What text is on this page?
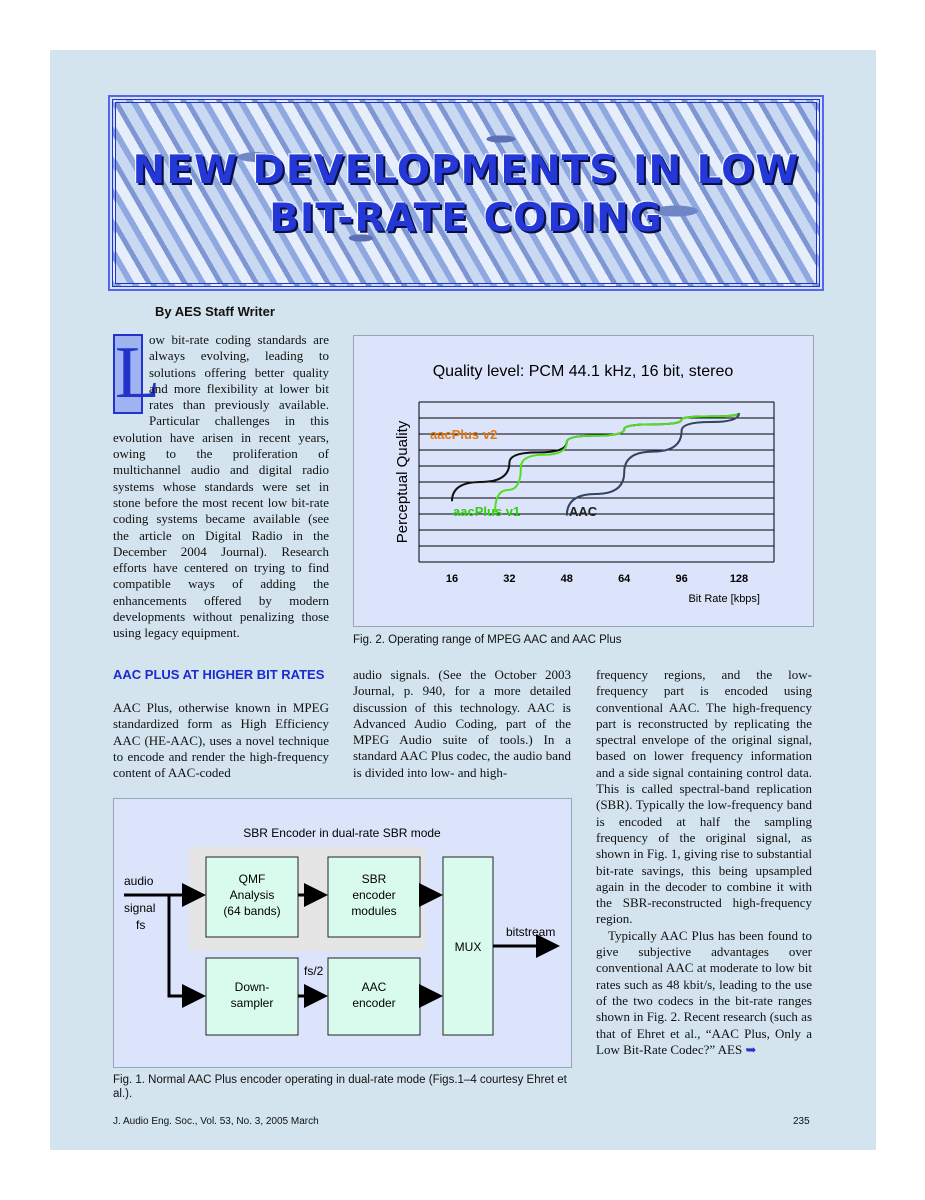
NEW DEVELOPMENTS IN LOW
BIT-RATE CODING
By AES Staff Writer
L
ow bit-rate coding standards are always evolving, leading to solutions offering better quality and more flexibility at lower bit rates than previously available. Particular challenges in this evolution have arisen in recent years, owing to the proliferation of multichannel audio and digital radio systems whose standards were set in stone before the most recent low bit-rate coding systems became available (see the article on Digital Radio in the December 2004 Journal). Research efforts have centered on trying to find compatible ways of adding the enhancements offered by modern developments without penalizing those using legacy equipment.
AAC PLUS AT HIGHER BIT RATES
AAC Plus, otherwise known in MPEG standardized form as High Efficiency AAC (HE-AAC), uses a novel technique to encode and render the high-frequency content of AAC-coded
audio signals. (See the October 2003 Journal, p. 940, for a more detailed discussion of this technology. AAC is Advanced Audio Coding, part of the MPEG Audio suite of tools.) In a standard AAC Plus codec, the audio band is divided into low- and high-
frequency regions, and the low-frequency part is encoded using conventional AAC. The high-frequency part is reconstructed by replicating the spectral envelope of the original signal, based on lower frequency information and a side signal containing control data. This is called spectral-band replication (SBR). Typically the low-frequency band is encoded at half the sampling frequency of the original signal, as shown in Fig. 1, giving rise to substantial bit-rate savings, this being upsampled again in the decoder to combine it with the SBR-reconstructed high-frequency region.
Typically AAC Plus has been found to give subjective advantages over conventional AAC at moderate to low bit rates such as 48 kbit/s, leading to the use of the two codecs in the bit-rate ranges shown in Fig. 2. Recent research (such as that of Ehret et al., “AAC Plus, Only a Low Bit-Rate Codec?” AES ➥
Quality level: PCM 44.1 kHz, 16 bit, stereo
16	32	48	64	96	128
Bit Rate [kbps]
Perceptual Quality aacPlus v2
aacPlus v1	AAC
Fig. 2. Operating range of MPEG AAC and AAC Plus
SBR Encoder in dual-rate SBR mode
QMF
Analysis
(64 bands)
SBR
encoder
modules
Down-
sampler
AAC
encoder
MUX
audio
signal
fs
fs/2
bitstream
Fig. 1. Normal AAC Plus encoder operating in dual-rate mode (Figs.1–4 courtesy Ehret et al.).
J. Audio Eng. Soc., Vol. 53, No. 3, 2005 March	235
